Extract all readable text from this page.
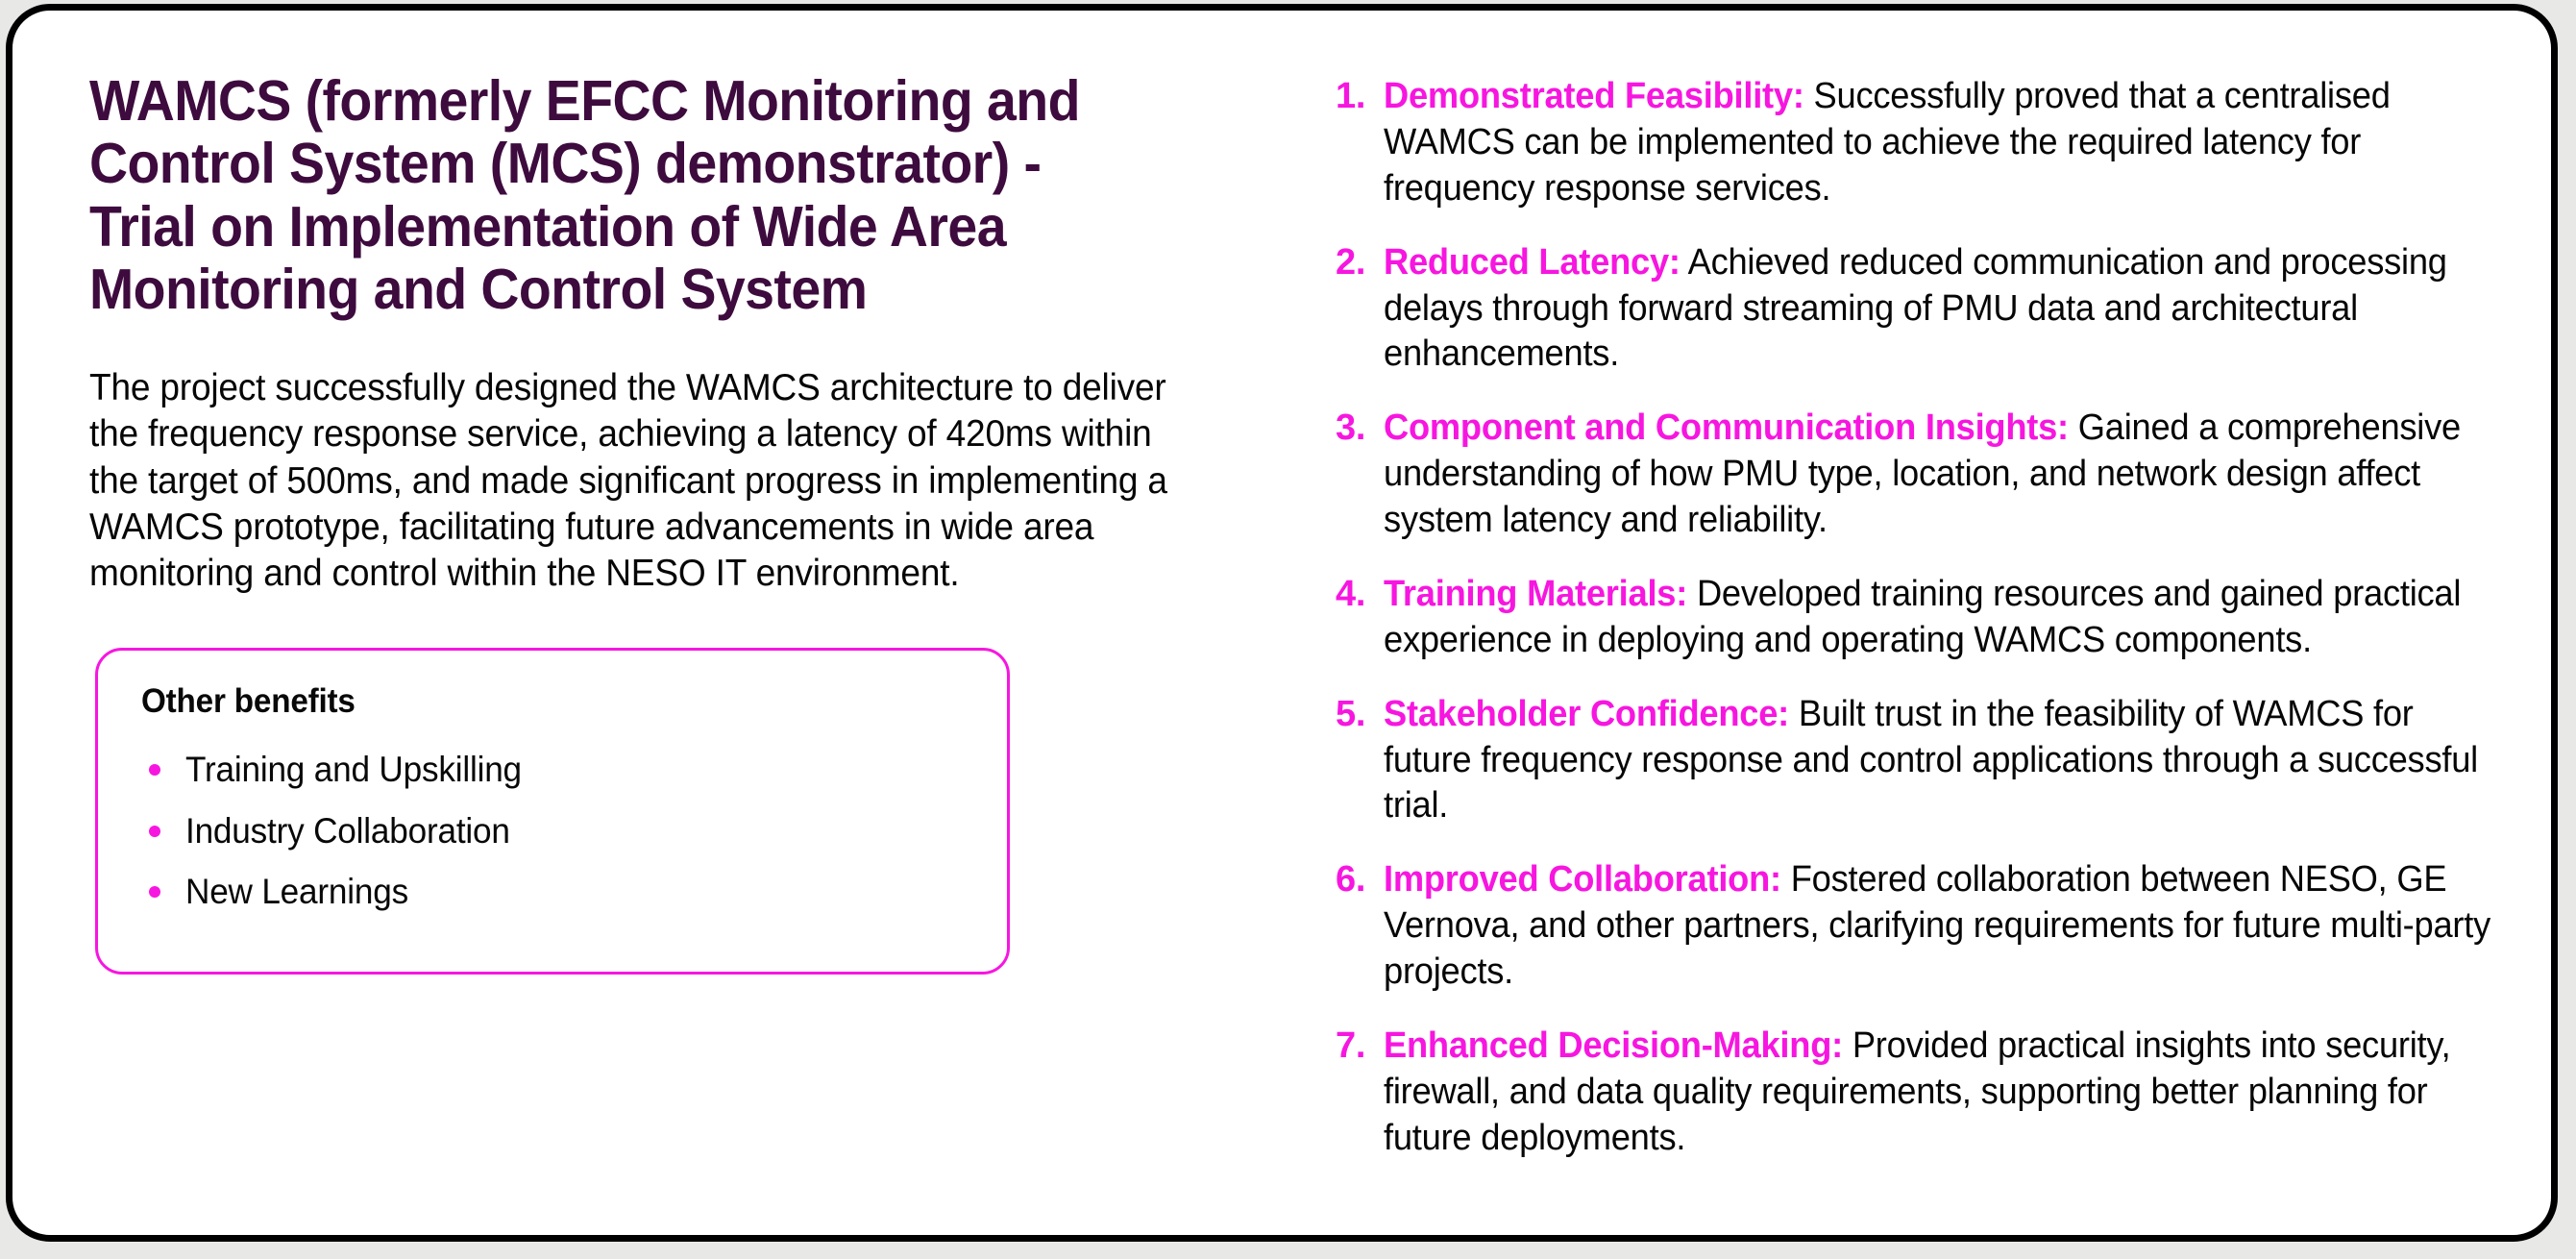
WAMCS (formerly EFCC Monitoring and Control System (MCS) demonstrator) - Trial on Implementation of Wide Area Monitoring and Control System

The project successfully designed the WAMCS architecture to deliver the frequency response service, achieving a latency of 420ms within the target of 500ms, and made significant progress in implementing a WAMCS prototype, facilitating future advancements in wide area monitoring and control within the NESO IT environment.

Other benefits
Training and Upskilling
Industry Collaboration
New Learnings
1. Demonstrated Feasibility: Successfully proved that a centralised WAMCS can be implemented to achieve the required latency for frequency response services.
2. Reduced Latency: Achieved reduced communication and processing delays through forward streaming of PMU data and architectural enhancements.
3. Component and Communication Insights: Gained a comprehensive understanding of how PMU type, location, and network design affect system latency and reliability.
4. Training Materials: Developed training resources and gained practical experience in deploying and operating WAMCS components.
5. Stakeholder Confidence: Built trust in the feasibility of WAMCS for future frequency response and control applications through a successful trial.
6. Improved Collaboration: Fostered collaboration between NESO, GE Vernova, and other partners, clarifying requirements for future multi-party projects.
7. Enhanced Decision-Making: Provided practical insights into security, firewall, and data quality requirements, supporting better planning for future deployments.
